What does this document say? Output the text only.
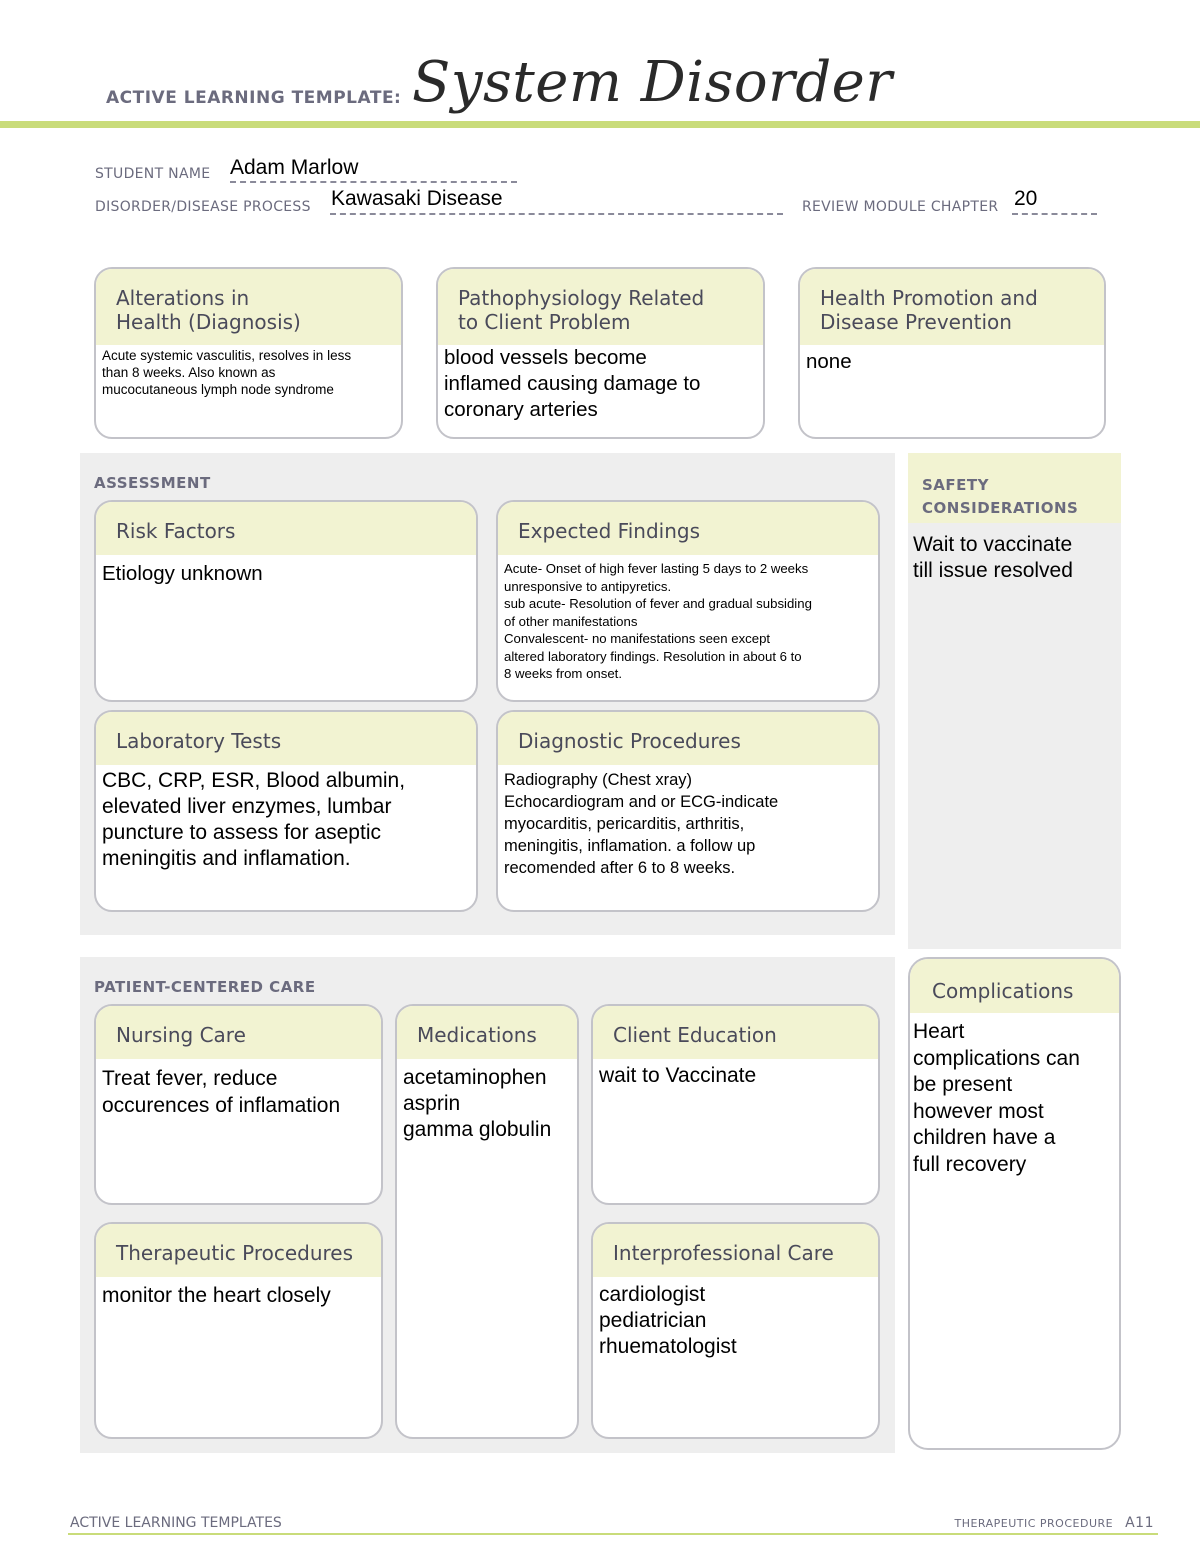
ACTIVE LEARNING TEMPLATE: System Disorder
STUDENT NAME Adam Marlow
DISORDER/DISEASE PROCESS Kawasaki Disease	REVIEW MODULE CHAPTER 20
Alterations in
Health (Diagnosis)
Acute systemic vasculitis, resolves in less
than 8 weeks. Also known as
mucocutaneous lymph node syndrome
Pathophysiology Related
to Client Problem
blood vessels become
inflamed causing damage to
coronary arteries
Health Promotion and
Disease Prevention
none
ASSESSMENT
Risk Factors
Etiology unknown
Expected Findings
Acute- Onset of high fever lasting 5 days to 2 weeks
unresponsive to antipyretics.
sub acute- Resolution of fever and gradual subsiding
of other manifestations
Convalescent- no manifestations seen except
altered laboratory findings. Resolution in about 6 to
8 weeks from onset.
Laboratory Tests
CBC, CRP, ESR, Blood albumin,
elevated liver enzymes, lumbar
puncture to assess for aseptic
meningitis and inflamation.
Diagnostic Procedures
Radiography (Chest xray)
Echocardiogram and or ECG-indicate
myocarditis, pericarditis, arthritis,
meningitis, inflamation. a follow up
recomended after 6 to 8 weeks.
SAFETY
CONSIDERATIONS
Wait to vaccinate
till issue resolved
PATIENT-CENTERED CARE
Nursing Care
Treat fever, reduce
occurences of inflamation
Medications
acetaminophen
asprin
gamma globulin
Client Education
wait to Vaccinate
Therapeutic Procedures
monitor the heart closely
Interprofessional Care
cardiologist
pediatrician
rhuematologist
Complications
Heart
complications can
be present
however most
children have a
full recovery
ACTIVE LEARNING TEMPLATES	THERAPEUTIC PROCEDURE A11
